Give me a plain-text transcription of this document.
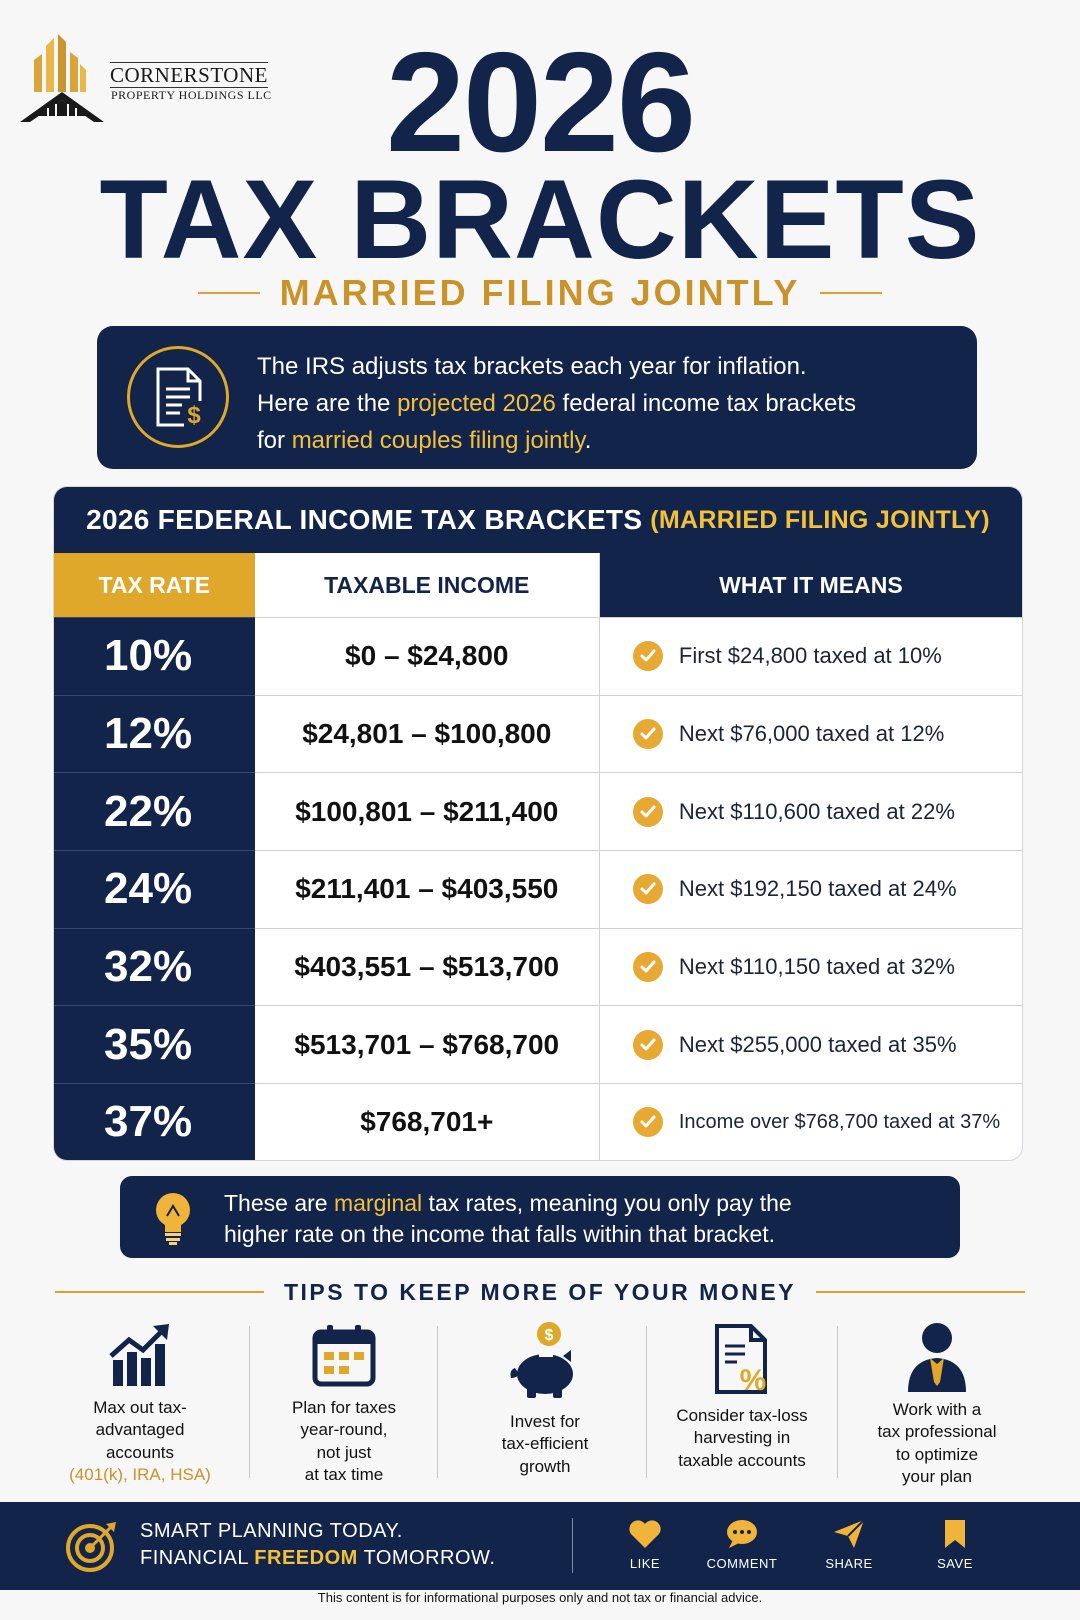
CORNERSTONE
PROPERTY HOLDINGS LLC 2026
TAX BRACKETS
MARRIED FILING JOINTLY
$
The IRS adjusts tax brackets each year for inflation.
Here are the projected 2026 federal income tax brackets
for married couples filing jointly.
2026 FEDERAL INCOME TAX BRACKETS (MARRIED FILING JOINTLY)
TAX RATE	TAXABLE INCOME	WHAT IT MEANS
10%	$0 – $24,800	First $24,800 taxed at 10%
12%	$24,801 – $100,800	Next $76,000 taxed at 12%
22%	$100,801 – $211,400	Next $110,600 taxed at 22%
24%	$211,401 – $403,550	Next $192,150 taxed at 24%
32%	$403,551 – $513,700	Next $110,150 taxed at 32%
35%	$513,701 – $768,700	Next $255,000 taxed at 35%
37%	$768,701+	Income over $768,700 taxed at 37%
These are marginal tax rates, meaning you only pay the
higher rate on the income that falls within that bracket.
TIPS TO KEEP MORE OF YOUR MONEY
Max out tax-
advantaged
accounts
(401(k), IRA, HSA)
Plan for taxes
year-round,
not just
at tax time
$
Invest for
tax-efficient
growth
%
Consider tax-loss
harvesting in
taxable accounts
Work with a
tax professional
to optimize
your plan
SMART PLANNING TODAY.
FINANCIAL FREEDOM TOMORROW.	LIKE	COMMENT	SHARE	SAVE
This content is for informational purposes only and not tax or financial advice.
